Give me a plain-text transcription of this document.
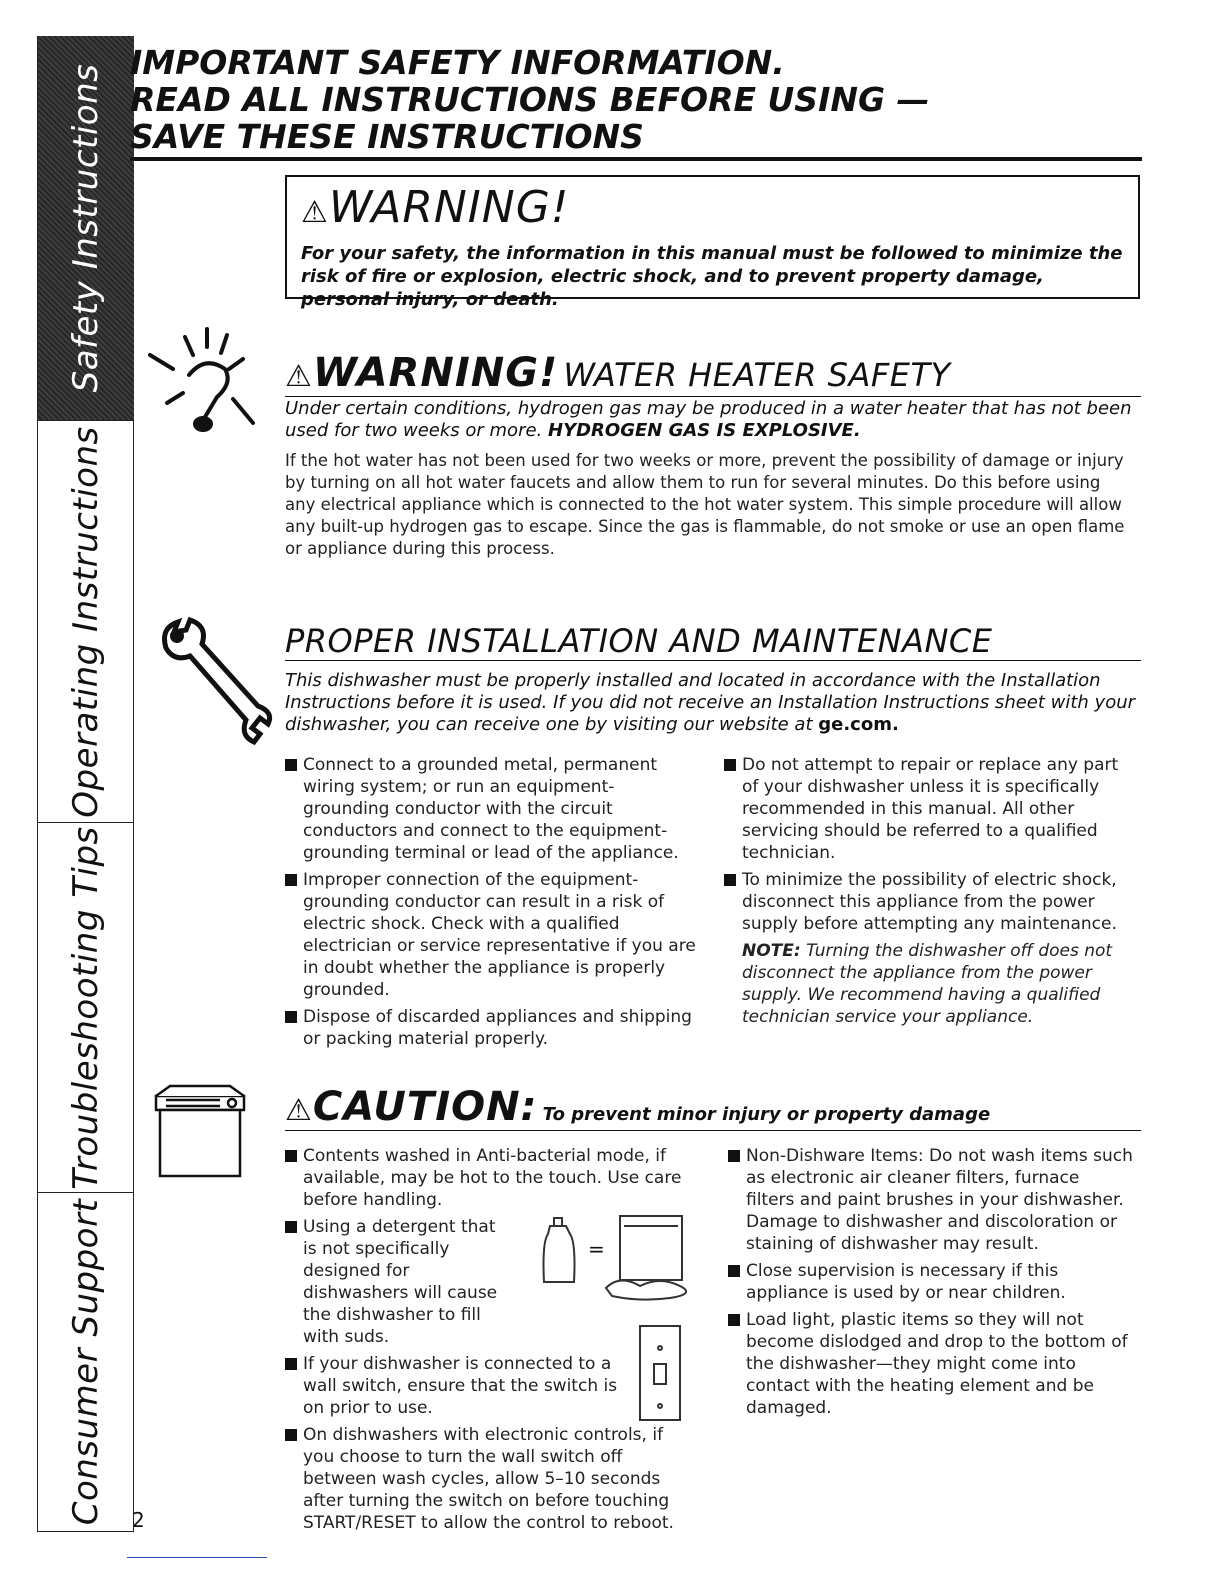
Safety Instructions
Operating Instructions
Troubleshooting Tips
Consumer Support
IMPORTANT SAFETY INFORMATION.
READ ALL INSTRUCTIONS BEFORE USING —
SAVE THESE INSTRUCTIONS
⚠WARNING!
For your safety, the information in this manual must be followed to minimize the risk of fire or explosion, electric shock, and to prevent property damage, personal injury, or death.
⚠WARNING! WATER HEATER SAFETY
Under certain conditions, hydrogen gas may be produced in a water heater that has not been used for two weeks or more. HYDROGEN GAS IS EXPLOSIVE.
If the hot water has not been used for two weeks or more, prevent the possibility of damage or injury by turning on all hot water faucets and allow them to run for several minutes. Do this before using any electrical appliance which is connected to the hot water system. This simple procedure will allow any built-up hydrogen gas to escape. Since the gas is flammable, do not smoke or use an open flame or appliance during this process.
PROPER INSTALLATION AND MAINTENANCE
This dishwasher must be properly installed and located in accordance with the Installation Instructions before it is used. If you did not receive an Installation Instructions sheet with your dishwasher, you can receive one by visiting our website at ge.com.
Connect to a grounded metal, permanent wiring system; or run an equipment-grounding conductor with the circuit conductors and connect to the equipment-grounding terminal or lead of the appliance.
Improper connection of the equipment-grounding conductor can result in a risk of electric shock. Check with a qualified electrician or service representative if you are in doubt whether the appliance is properly grounded.
Dispose of discarded appliances and shipping or packing material properly.
Do not attempt to repair or replace any part of your dishwasher unless it is specifically recommended in this manual. All other servicing should be referred to a qualified technician.
To minimize the possibility of electric shock, disconnect this appliance from the power supply before attempting any maintenance.
NOTE: Turning the dishwasher off does not disconnect the appliance from the power supply. We recommend having a qualified technician service your appliance.
⚠CAUTION: To prevent minor injury or property damage
Contents washed in Anti-bacterial mode, if available, may be hot to the touch. Use care before handling.
Using a detergent that is not specifically designed for dishwashers will cause the dishwasher to fill with suds.
If your dishwasher is connected to a wall switch, ensure that the switch is on prior to use.
On dishwashers with electronic controls, if you choose to turn the wall switch off between wash cycles, allow 5–10 seconds after turning the switch on before touching START/RESET to allow the control to reboot.
=
Non-Dishware Items: Do not wash items such as electronic air cleaner filters, furnace filters and paint brushes in your dishwasher. Damage to dishwasher and discoloration or staining of dishwasher may result.
Close supervision is necessary if this appliance is used by or near children.
Load light, plastic items so they will not become dislodged and drop to the bottom of the dishwasher—they might come into contact with the heating element and be damaged.
2
